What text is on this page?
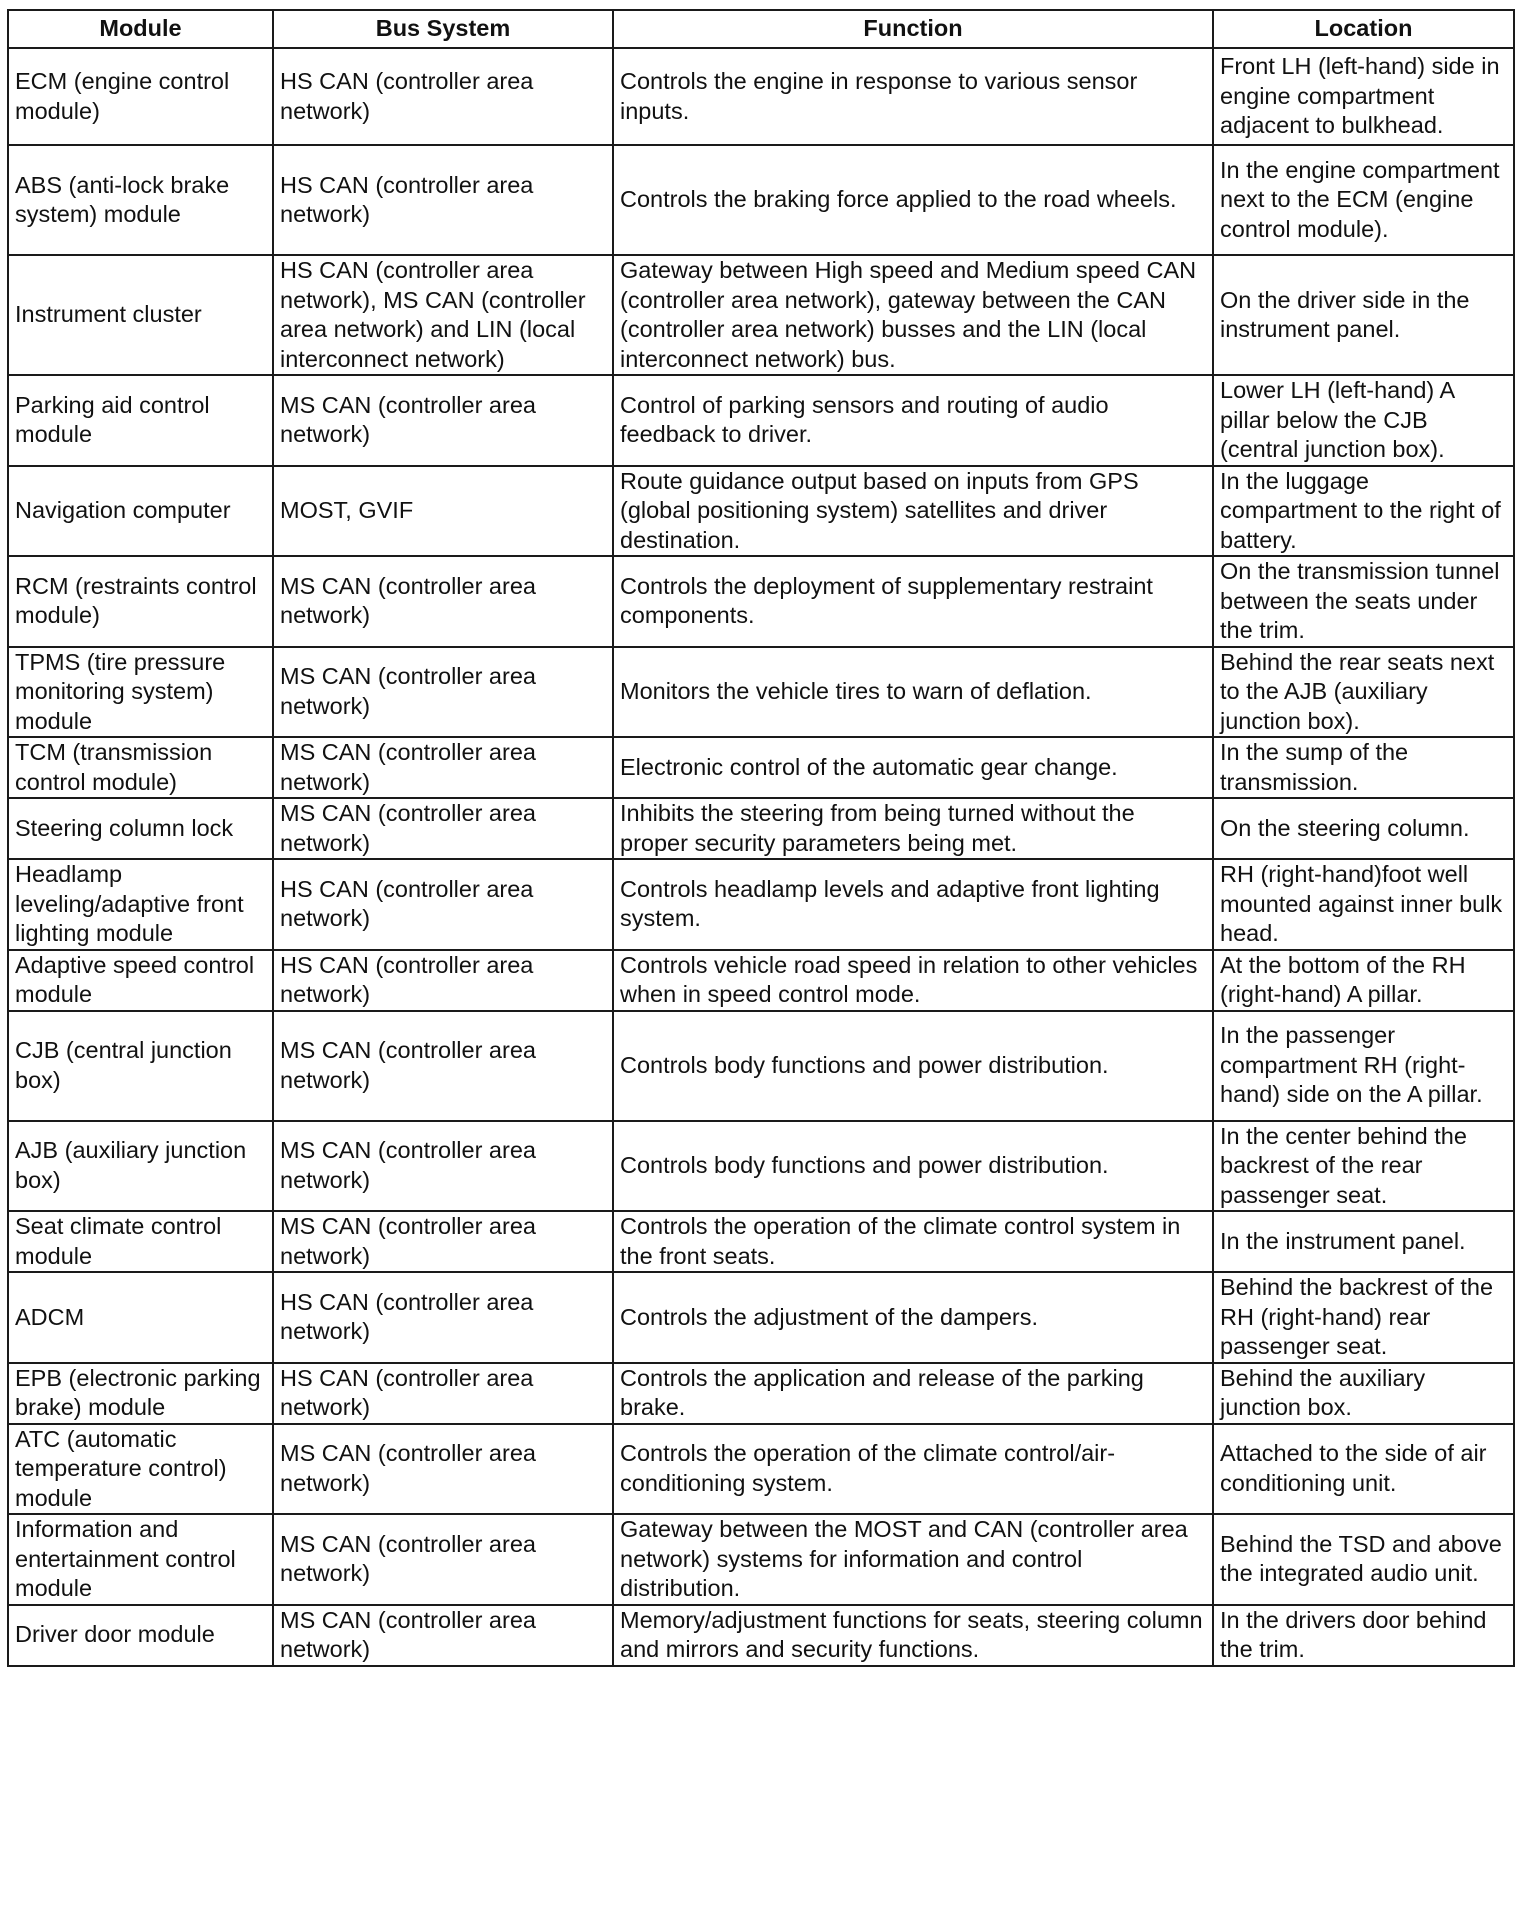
Module	Bus System	Function	Location
ECM (engine control module)	HS CAN (controller area network)	Controls the engine in response to various sensor inputs.	Front LH (left-hand) side in engine compartment adjacent to bulkhead.
ABS (anti-lock brake system) module	HS CAN (controller area network)	Controls the braking force applied to the road wheels.	In the engine compartment next to the ECM (engine control module).
Instrument cluster	HS CAN (controller area network), MS CAN (controller area network) and LIN (local interconnect network)	Gateway between High speed and Medium speed CAN (controller area network), gateway between the CAN (controller area network) busses and the LIN (local interconnect network) bus.	On the driver side in the instrument panel.
Parking aid control module	MS CAN (controller area network)	Control of parking sensors and routing of audio feedback to driver.	Lower LH (left-hand) A pillar below the CJB (central junction box).
Navigation computer	MOST, GVIF	Route guidance output based on inputs from GPS (global positioning system) satellites and driver destination.	In the luggage compartment to the right of battery.
RCM (restraints control module)	MS CAN (controller area network)	Controls the deployment of supplementary restraint components.	On the transmission tunnel between the seats under the trim.
TPMS (tire pressure monitoring system) module	MS CAN (controller area network)	Monitors the vehicle tires to warn of deflation.	Behind the rear seats next to the AJB (auxiliary junction box).
TCM (transmission control module)	MS CAN (controller area network)	Electronic control of the automatic gear change.	In the sump of the transmission.
Steering column lock	MS CAN (controller area network)	Inhibits the steering from being turned without the proper security parameters being met.	On the steering column.
Headlamp leveling/adaptive front lighting module	HS CAN (controller area network)	Controls headlamp levels and adaptive front lighting system.	RH (right-hand)foot well mounted against inner bulk head.
Adaptive speed control module	HS CAN (controller area network)	Controls vehicle road speed in relation to other vehicles when in speed control mode.	At the bottom of the RH (right-hand) A pillar.
CJB (central junction box)	MS CAN (controller area network)	Controls body functions and power distribution.	In the passenger compartment RH (right-hand) side on the A pillar.
AJB (auxiliary junction box)	MS CAN (controller area network)	Controls body functions and power distribution.	In the center behind the backrest of the rear passenger seat.
Seat climate control module	MS CAN (controller area network)	Controls the operation of the climate control system in the front seats.	In the instrument panel.
ADCM	HS CAN (controller area network)	Controls the adjustment of the dampers.	Behind the backrest of the RH (right-hand) rear passenger seat.
EPB (electronic parking brake) module	HS CAN (controller area network)	Controls the application and release of the parking brake.	Behind the auxiliary junction box.
ATC (automatic temperature control) module	MS CAN (controller area network)	Controls the operation of the climate control/air-conditioning system.	Attached to the side of air conditioning unit.
Information and entertainment control module	MS CAN (controller area network)	Gateway between the MOST and CAN (controller area network) systems for information and control distribution.	Behind the TSD and above the integrated audio unit.
Driver door module	MS CAN (controller area network)	Memory/adjustment functions for seats, steering column and mirrors and security functions.	In the drivers door behind the trim.
